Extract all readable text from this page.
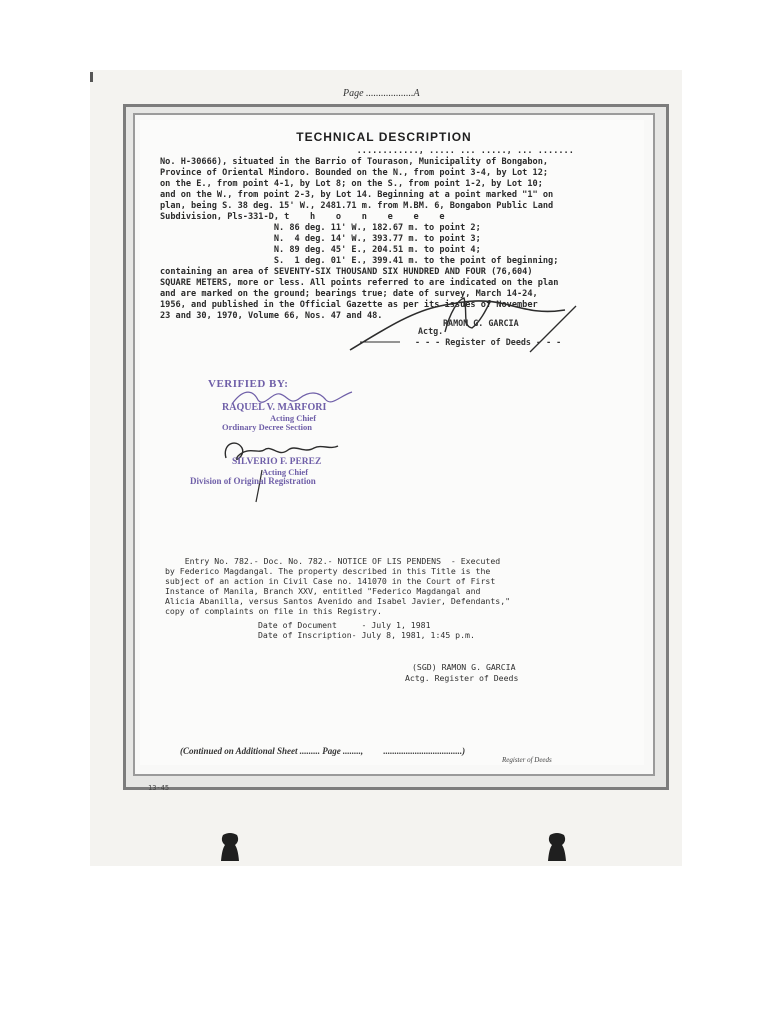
Page ...................A
TECHNICAL DESCRIPTION
............, ..... ... ....., ... .......
No. H-30666), situated in the Barrio of Tourason, Municipality of Bongabon,
Province of Oriental Mindoro. Bounded on the N., from point 3-4, by Lot 12;
on the E., from point 4-1, by Lot 8; on the S., from point 1-2, by Lot 10;
and on the W., from point 2-3, by Lot 14. Beginning at a point marked "1" on
plan, being S. 38 deg. 15' W., 2481.71 m. from M.BM. 6, Bongabon Public Land
Subdivision, Pls-331-D, t    h    o    n    e    e    e
N. 86 deg. 11' W., 182.67 m. to point 2;
N.  4 deg. 14' W., 393.77 m. to point 3;
N. 89 deg. 45' E., 204.51 m. to point 4;
S.  1 deg. 01' E., 399.41 m. to the point of beginning;
containing an area of SEVENTY-SIX THOUSAND SIX HUNDRED AND FOUR (76,604)
SQUARE METERS, more or less. All points referred to are indicated on the plan
and are marked on the ground; bearings true; date of survey, March 14-24,
1956, and published in the Official Gazette as per its issues of November
23 and 30, 1970, Volume 66, Nos. 47 and 48.
RAMON G. GARCIA
Actg.
- - - Register of Deeds - - -
VERIFIED BY:
RAQUEL V. MARFORI
Acting Chief
Ordinary Decree Section
SILVERIO F. PEREZ
Acting Chief
Division of Original Registration
Entry No. 782.- Doc. No. 782.- NOTICE OF LIS PENDENS  - Executed
by Federico Magdangal. The property described in this Title is the
subject of an action in Civil Case no. 141070 in the Court of First
Instance of Manila, Branch XXV, entitled "Federico Magdangal and
Alicia Abanilla, versus Santos Avenido and Isabel Javier, Defendants,"
copy of complaints on file in this Registry.
Date of Document     - July 1, 1981
Date of Inscription- July 8, 1981, 1:45 p.m.
(SGD) RAMON G. GARCIA
Actg. Register of Deeds
(Continued on Additional Sheet ......... Page ........,         ...................................)
Register of Deeds
13-45
